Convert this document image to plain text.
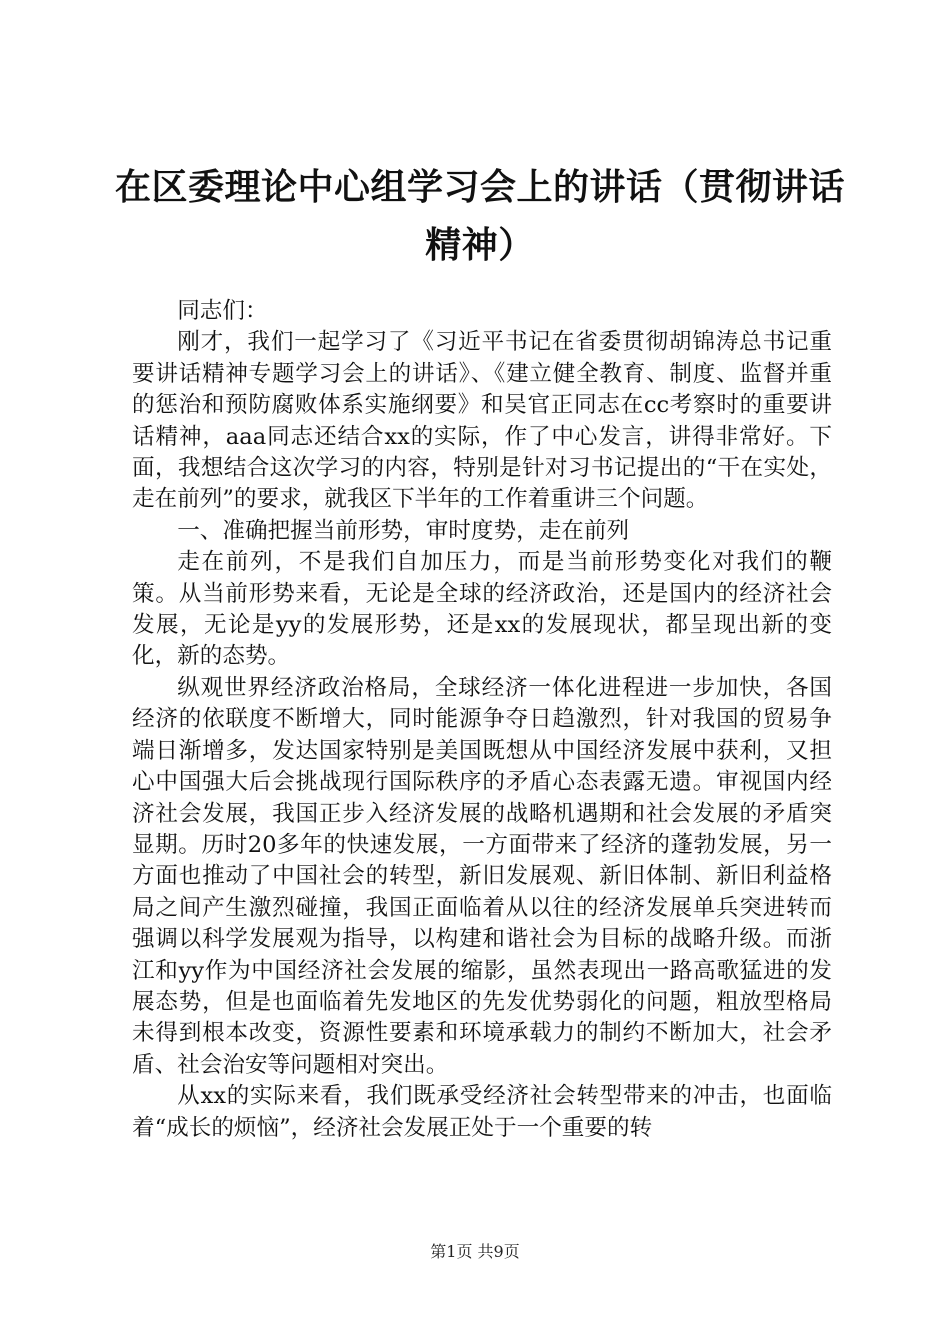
在区委理论中心组学习会上的讲话（贯彻讲话精神）

同志们：

刚才，我们一起学习了《习近平书记在省委贯彻胡锦涛总书记重要讲话精神专题学习会上的讲话》、《建立健全教育、制度、监督并重的惩治和预防腐败体系实施纲要》和吴官正同志在cc考察时的重要讲话精神，aaa同志还结合xx的实际，作了中心发言，讲得非常好。下面，我想结合这次学习的内容，特别是针对习书记提出的“干在实处，走在前列”的要求，就我区下半年的工作着重讲三个问题。

一、准确把握当前形势，审时度势，走在前列

走在前列，不是我们自加压力，而是当前形势变化对我们的鞭策。从当前形势来看，无论是全球的经济政治，还是国内的经济社会发展，无论是yy的发展形势，还是xx的发展现状，都呈现出新的变化，新的态势。

纵观世界经济政治格局，全球经济一体化进程进一步加快，各国经济的依联度不断增大，同时能源争夺日趋激烈，针对我国的贸易争端日渐增多，发达国家特别是美国既想从中国经济发展中获利，又担心中国强大后会挑战现行国际秩序的矛盾心态表露无遗。审视国内经济社会发展，我国正步入经济发展的战略机遇期和社会发展的矛盾突显期。历时20多年的快速发展，一方面带来了经济的蓬勃发展，另一方面也推动了中国社会的转型，新旧发展观、新旧体制、新旧利益格局之间产生激烈碰撞，我国正面临着从以往的经济发展单兵突进转而强调以科学发展观为指导，以构建和谐社会为目标的战略升级。而浙江和yy作为中国经济社会发展的缩影，虽然表现出一路高歌猛进的发展态势，但是也面临着先发地区的先发优势弱化的问题，粗放型格局未得到根本改变，资源性要素和环境承载力的制约不断加大，社会矛盾、社会治安等问题相对突出。

从xx的实际来看，我们既承受经济社会转型带来的冲击，也面临着“成长的烦恼”，经济社会发展正处于一个重要的转

第1页 共9页
